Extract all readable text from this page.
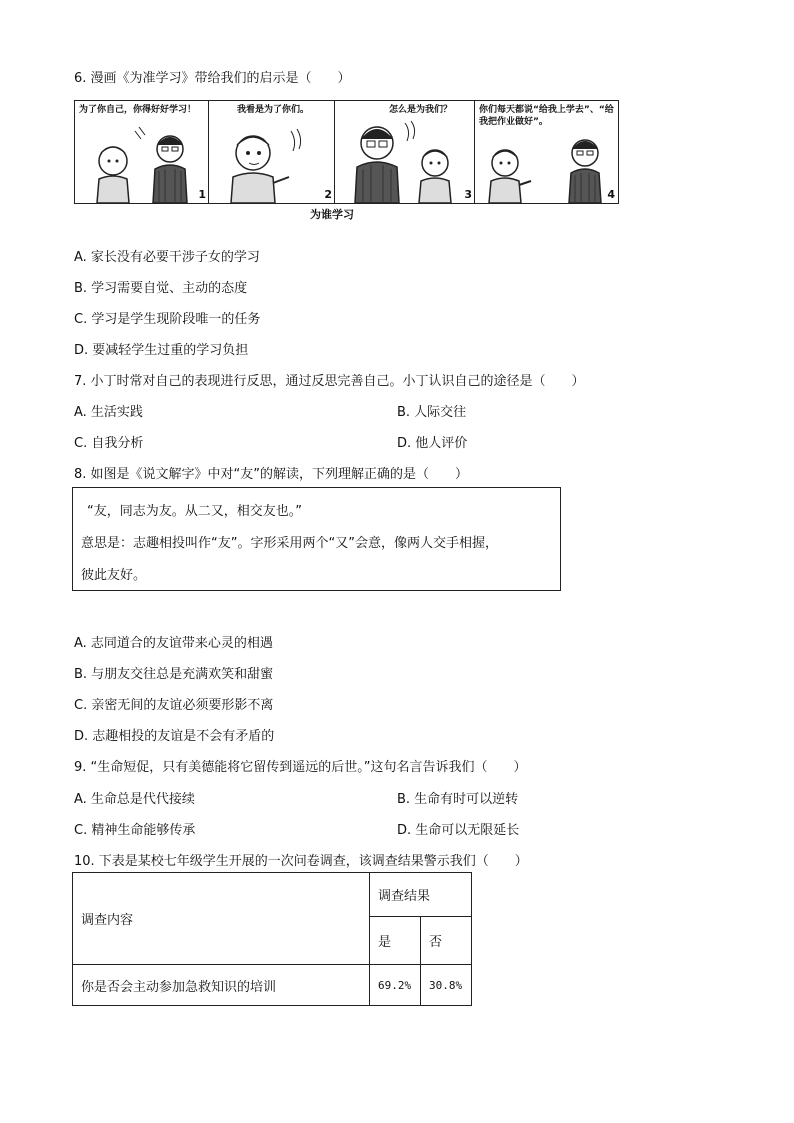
6. 漫画《为准学习》带给我们的启示是（　　）
为了你自己，你得好好学习！
1
我看是为了你们。
2
怎么是为我们？
3
你们每天都说“给我上学去”、“给我把作业做好”。
4
为谁学习
A. 家长没有必要干涉子女的学习
B. 学习需要自觉、主动的态度
C. 学习是学生现阶段唯一的任务
D. 要减轻学生过重的学习负担
7. 小丁时常对自己的表现进行反思，通过反思完善自己。小丁认识自己的途径是（　　）
A. 生活实践	B. 人际交往
C. 自我分析	D. 他人评价
8. 如图是《说文解字》中对“友”的解读，下列理解正确的是（　　）
“友，同志为友。从二又，相交友也。”
意思是：志趣相投叫作“友”。字形采用两个“又”会意，像两人交手相握，
彼此友好。
A. 志同道合的友谊带来心灵的相遇
B. 与朋友交往总是充满欢笑和甜蜜
C. 亲密无间的友谊必须要形影不离
D. 志趣相投的友谊是不会有矛盾的
9. “生命短促，只有美德能将它留传到遥远的后世。”这句名言告诉我们（　　）
A. 生命总是代代接续	B. 生命有时可以逆转
C. 精神生命能够传承	D. 生命可以无限延长
10. 下表是某校七年级学生开展的一次问卷调查，该调查结果警示我们（　　）
调查内容	调查结果	
	是	否
你是否会主动参加急救知识的培训	69.2%	30.8%
